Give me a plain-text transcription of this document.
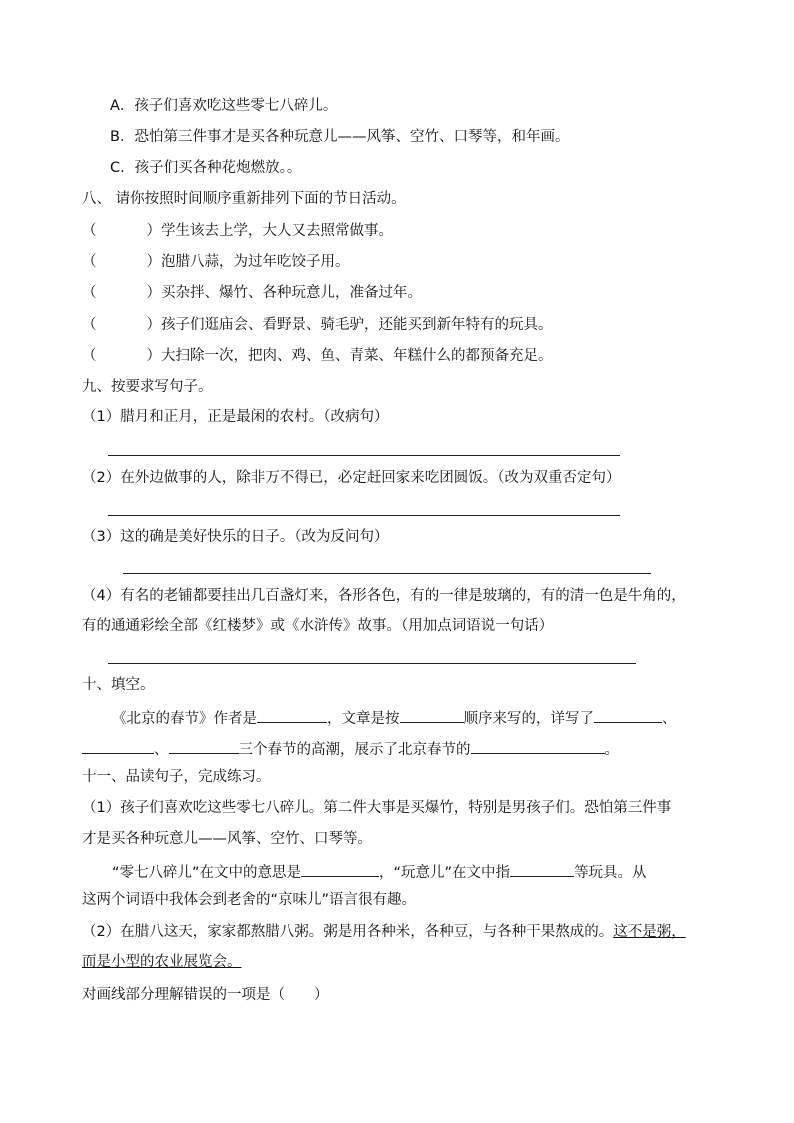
A．孩子们喜欢吃这些零七八碎儿。
B．恐怕第三件事才是买各种玩意儿——风筝、空竹、口琴等，和年画。
C．孩子们买各种花炮燃放。。
八、 请你按照时间顺序重新排列下面的节日活动。
（	）学生该去上学，大人又去照常做事。
（	）泡腊八蒜，为过年吃饺子用。
（	）买杂拌、爆竹、各种玩意儿，准备过年。
（	）孩子们逛庙会、看野景、骑毛驴，还能买到新年特有的玩具。
（	）大扫除一次，把肉、鸡、鱼、青菜、年糕什么的都预备充足。
九、按要求写句子。
（1）腊月和正月，正是最闲的农村。（改病句）
（2）在外边做事的人，除非万不得已，必定赶回家来吃团圆饭。（改为双重否定句）
（3）这的确是美好快乐的日子。（改为反问句）
（4）有名的老铺都要挂出几百盏灯来，各形各色，有的一律是玻璃的，有的清一色是牛角的，
有的通通彩绘全部《红楼梦》或《水浒传》故事。（用加点词语说一句话）
十、填空。
《北京的春节》作者是	，文章是按	顺序来写的，详写了	、
、	三个春节的高潮，展示了北京春节的	。
十一、品读句子，完成练习。
（1）孩子们喜欢吃这些零七八碎儿。第二件大事是买爆竹，特别是男孩子们。恐怕第三件事
才是买各种玩意儿——风筝、空竹、口琴等。
“零七八碎儿”在文中的意思是	，“玩意儿”在文中指	等玩具。从
这两个词语中我体会到老舍的“京味儿”语言很有趣。
（2）在腊八这天，家家都熬腊八粥。粥是用各种米，各种豆，与各种干果熬成的。这不是粥，
而是小型的农业展览会。
对画线部分理解错误的一项是（　　）
